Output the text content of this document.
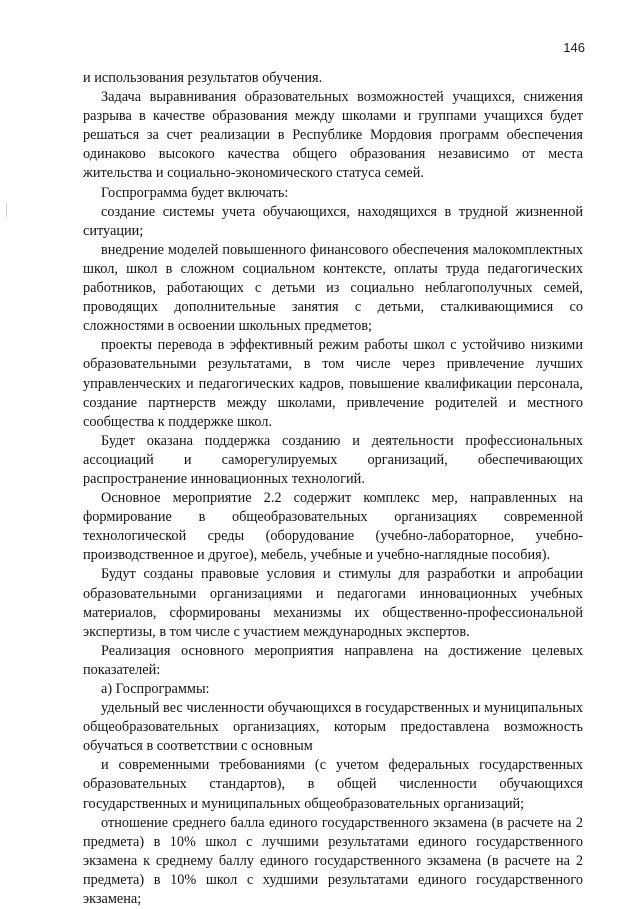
146

и использования результатов обучения.

Задача выравнивания образовательных возможностей учащихся, снижения разрыва в качестве образования между школами и группами учащихся будет решаться за счет реализации в Республике Мордовия программ обеспечения одинаково высокого качества общего образования независимо от места жительства и социально-экономического статуса семей.

Госпрограмма будет включать:

создание системы учета обучающихся, находящихся в трудной жизненной ситуации;

внедрение моделей повышенного финансового обеспечения малокомплектных школ, школ в сложном социальном контексте, оплаты труда педагогических работников, работающих с детьми из социально неблагополучных семей, проводящих дополнительные занятия с детьми, сталкивающимися со сложностями в освоении школьных предметов;

проекты перевода в эффективный режим работы школ с устойчиво низкими образовательными результатами, в том числе через привлечение лучших управленческих и педагогических кадров, повышение квалификации персонала, создание партнерств между школами, привлечение родителей и местного сообщества к поддержке школ.

Будет оказана поддержка созданию и деятельности профессиональных ассоциаций и саморегулируемых организаций, обеспечивающих распространение инновационных технологий.

Основное мероприятие 2.2 содержит комплекс мер, направленных на формирование в общеобразовательных организациях современной технологической среды (оборудование (учебно-лабораторное, учебно-производственное и другое), мебель, учебные и учебно-наглядные пособия).

Будут созданы правовые условия и стимулы для разработки и апробации образовательными организациями и педагогами инновационных учебных материалов, сформированы механизмы их общественно-профессиональной экспертизы, в том числе с участием международных экспертов.

Реализация основного мероприятия направлена на достижение целевых показателей:

а) Госпрограммы:

удельный вес численности обучающихся в государственных и муниципальных общеобразовательных организациях, которым предоставлена возможность обучаться в соответствии с основным

и современными требованиями (с учетом федеральных государственных образовательных стандартов), в общей численности обучающихся государственных и муниципальных общеобразовательных организаций;

отношение среднего балла единого государственного экзамена (в расчете на 2 предмета) в 10% школ с лучшими результатами единого государственного экзамена к среднему баллу единого государственного экзамена (в расчете на 2 предмета) в 10% школ с худшими результатами единого государственного экзамена;
